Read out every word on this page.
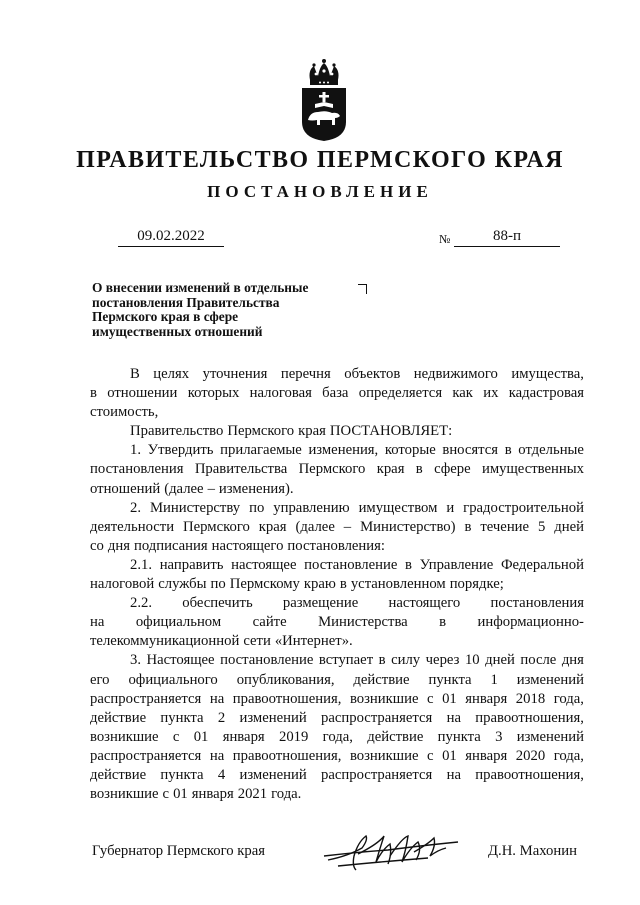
ПРАВИТЕЛЬСТВО ПЕРМСКОГО КРАЯ
ПОСТАНОВЛЕНИЕ
09.02.2022	№	88-п
О внесении изменений в отдельные
постановления Правительства
Пермского края в сфере
имущественных отношений
В целях уточнения перечня объектов недвижимого имущества,
в отношении которых налоговая база определяется как их кадастровая
стоимость,
Правительство Пермского края ПОСТАНОВЛЯЕТ:
1. Утвердить прилагаемые изменения, которые вносятся в отдельные
постановления Правительства Пермского края в сфере имущественных
отношений (далее – изменения).
2. Министерству по управлению имуществом и градостроительной
деятельности Пермского края (далее – Министерство) в течение 5 дней
со дня подписания настоящего постановления:
2.1. направить настоящее постановление в Управление Федеральной
налоговой службы по Пермскому краю в установленном порядке;
2.2. обеспечить размещение настоящего постановления
на официальном сайте Министерства в информационно-
телекоммуникационной сети «Интернет».
3. Настоящее постановление вступает в силу через 10 дней после дня
его официального опубликования, действие пункта 1 изменений
распространяется на правоотношения, возникшие с 01 января 2018 года,
действие пункта 2 изменений распространяется на правоотношения,
возникшие с 01 января 2019 года, действие пункта 3 изменений
распространяется на правоотношения, возникшие с 01 января 2020 года,
действие пункта 4 изменений распространяется на правоотношения,
возникшие с 01 января 2021 года.
Губернатор Пермского края	Д.Н. Махонин
